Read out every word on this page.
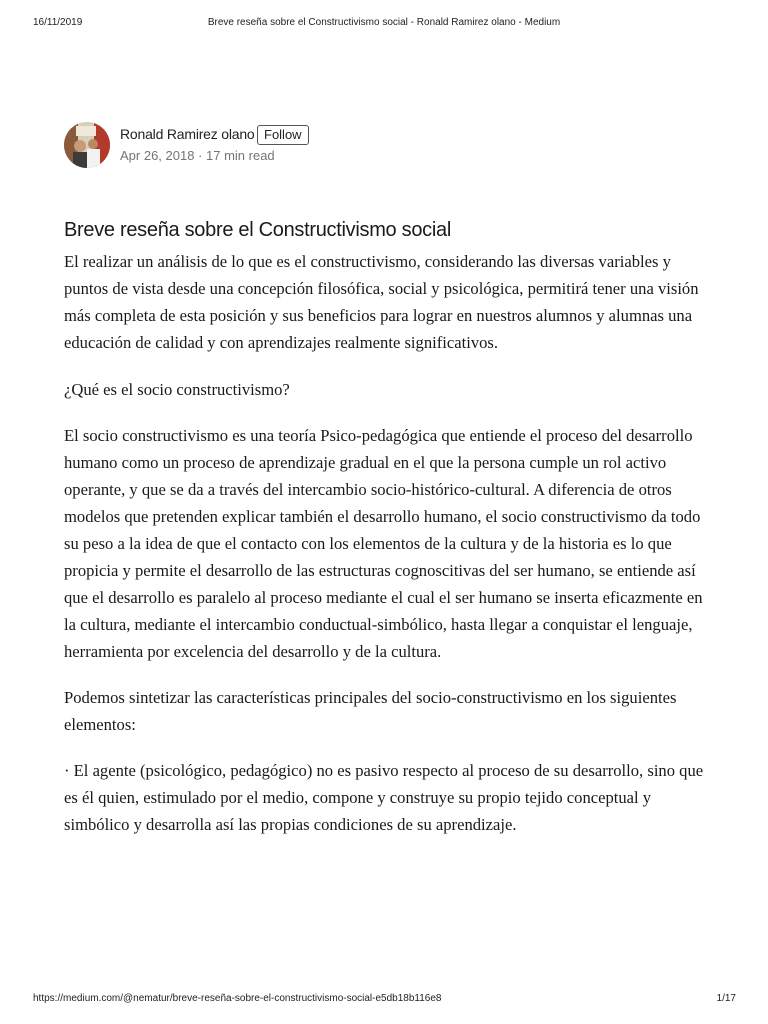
16/11/2019	Breve reseña sobre el Constructivismo social - Ronald Ramirez olano - Medium
Ronald Ramirez olano Follow
Apr 26, 2018 · 17 min read
Breve reseña sobre el Constructivismo social

El realizar un análisis de lo que es el constructivismo, considerando las diversas variables y puntos de vista desde una concepción filosófica, social y psicológica, permitirá tener una visión más completa de esta posición y sus beneficios para lograr en nuestros alumnos y alumnas una educación de calidad y con aprendizajes realmente significativos.

¿Qué es el socio constructivismo?

El socio constructivismo es una teoría Psico-pedagógica que entiende el proceso del desarrollo humano como un proceso de aprendizaje gradual en el que la persona cumple un rol activo operante, y que se da a través del intercambio socio-histórico-cultural. A diferencia de otros modelos que pretenden explicar también el desarrollo humano, el socio constructivismo da todo su peso a la idea de que el contacto con los elementos de la cultura y de la historia es lo que propicia y permite el desarrollo de las estructuras cognoscitivas del ser humano, se entiende así que el desarrollo es paralelo al proceso mediante el cual el ser humano se inserta eficazmente en la cultura, mediante el intercambio conductual-simbólico, hasta llegar a conquistar el lenguaje, herramienta por excelencia del desarrollo y de la cultura.

Podemos sintetizar las características principales del socio-constructivismo en los siguientes elementos:

· El agente (psicológico, pedagógico) no es pasivo respecto al proceso de su desarrollo, sino que es él quien, estimulado por el medio, compone y construye su propio tejido conceptual y simbólico y desarrolla así las propias condiciones de su aprendizaje.

https://medium.com/@nematur/breve-reseña-sobre-el-constructivismo-social-e5db18b116e8	1/17
